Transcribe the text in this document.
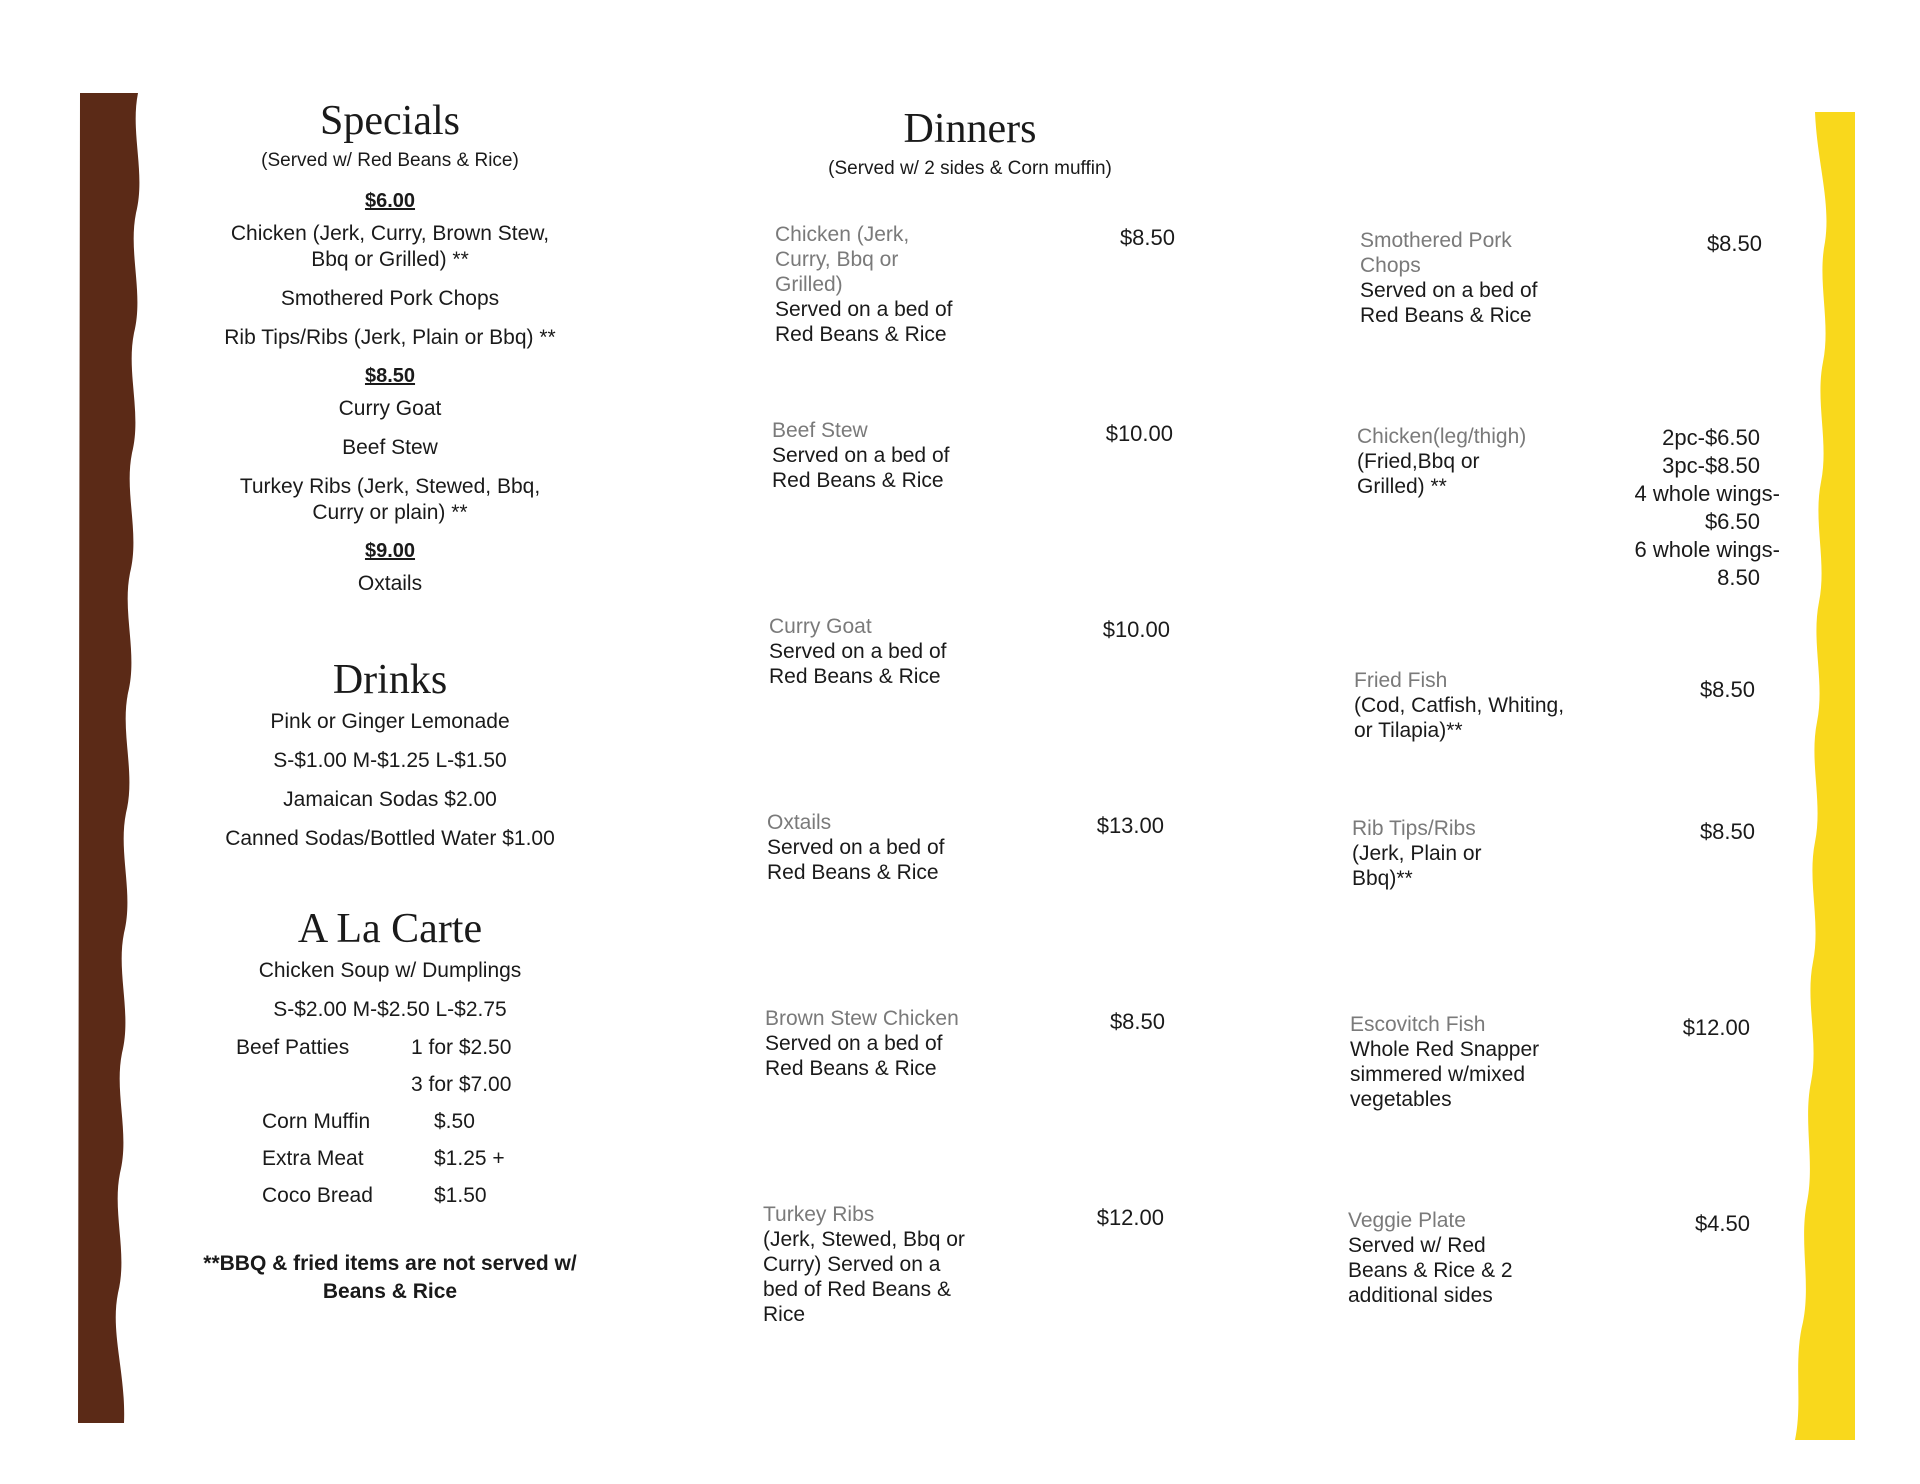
Specials
(Served w/ Red Beans & Rice)
$6.00
Chicken (Jerk, Curry, Brown Stew, Bbq or Grilled) **
Smothered Pork Chops
Rib Tips/Ribs (Jerk, Plain or Bbq) **
$8.50
Curry Goat
Beef Stew
Turkey Ribs (Jerk, Stewed, Bbq, Curry or plain) **
$9.00
Oxtails
Drinks
Pink or Ginger Lemonade
S-$1.00 M-$1.25 L-$1.50
Jamaican Sodas $2.00
Canned Sodas/Bottled Water $1.00
A La Carte
Chicken Soup w/ Dumplings
S-$2.00 M-$2.50 L-$2.75
Beef Patties	1 for $2.50
3 for $7.00
Corn Muffin	$.50
Extra Meat	$1.25 +
Coco Bread	$1.50
**BBQ & fried items are not served w/ Beans & Rice
Dinners
(Served w/ 2 sides & Corn muffin)
Chicken (Jerk, Curry, Bbq or Grilled)
Served on a bed of Red Beans & Rice
$8.50
Beef Stew
Served on a bed of Red Beans & Rice
$10.00
Curry Goat
Served on a bed of Red Beans & Rice
$10.00
Oxtails
Served on a bed of Red Beans & Rice
$13.00
Brown Stew Chicken
Served on a bed of Red Beans & Rice
$8.50
Turkey Ribs
(Jerk, Stewed, Bbq or Curry) Served on a bed of Red Beans & Rice
$12.00
Smothered Pork Chops
Served on a bed of Red Beans & Rice
$8.50
Chicken(leg/thigh)
(Fried,Bbq or Grilled) **
2pc-$6.50
3pc-$8.50
4 whole wings-
$6.50
6 whole wings-
8.50
Fried Fish
(Cod, Catfish, Whiting, or Tilapia)**
$8.50
Rib Tips/Ribs
(Jerk, Plain or Bbq)**
$8.50
Escovitch Fish
Whole Red Snapper simmered w/mixed vegetables
$12.00
Veggie Plate
Served w/ Red Beans & Rice & 2 additional sides
$4.50
